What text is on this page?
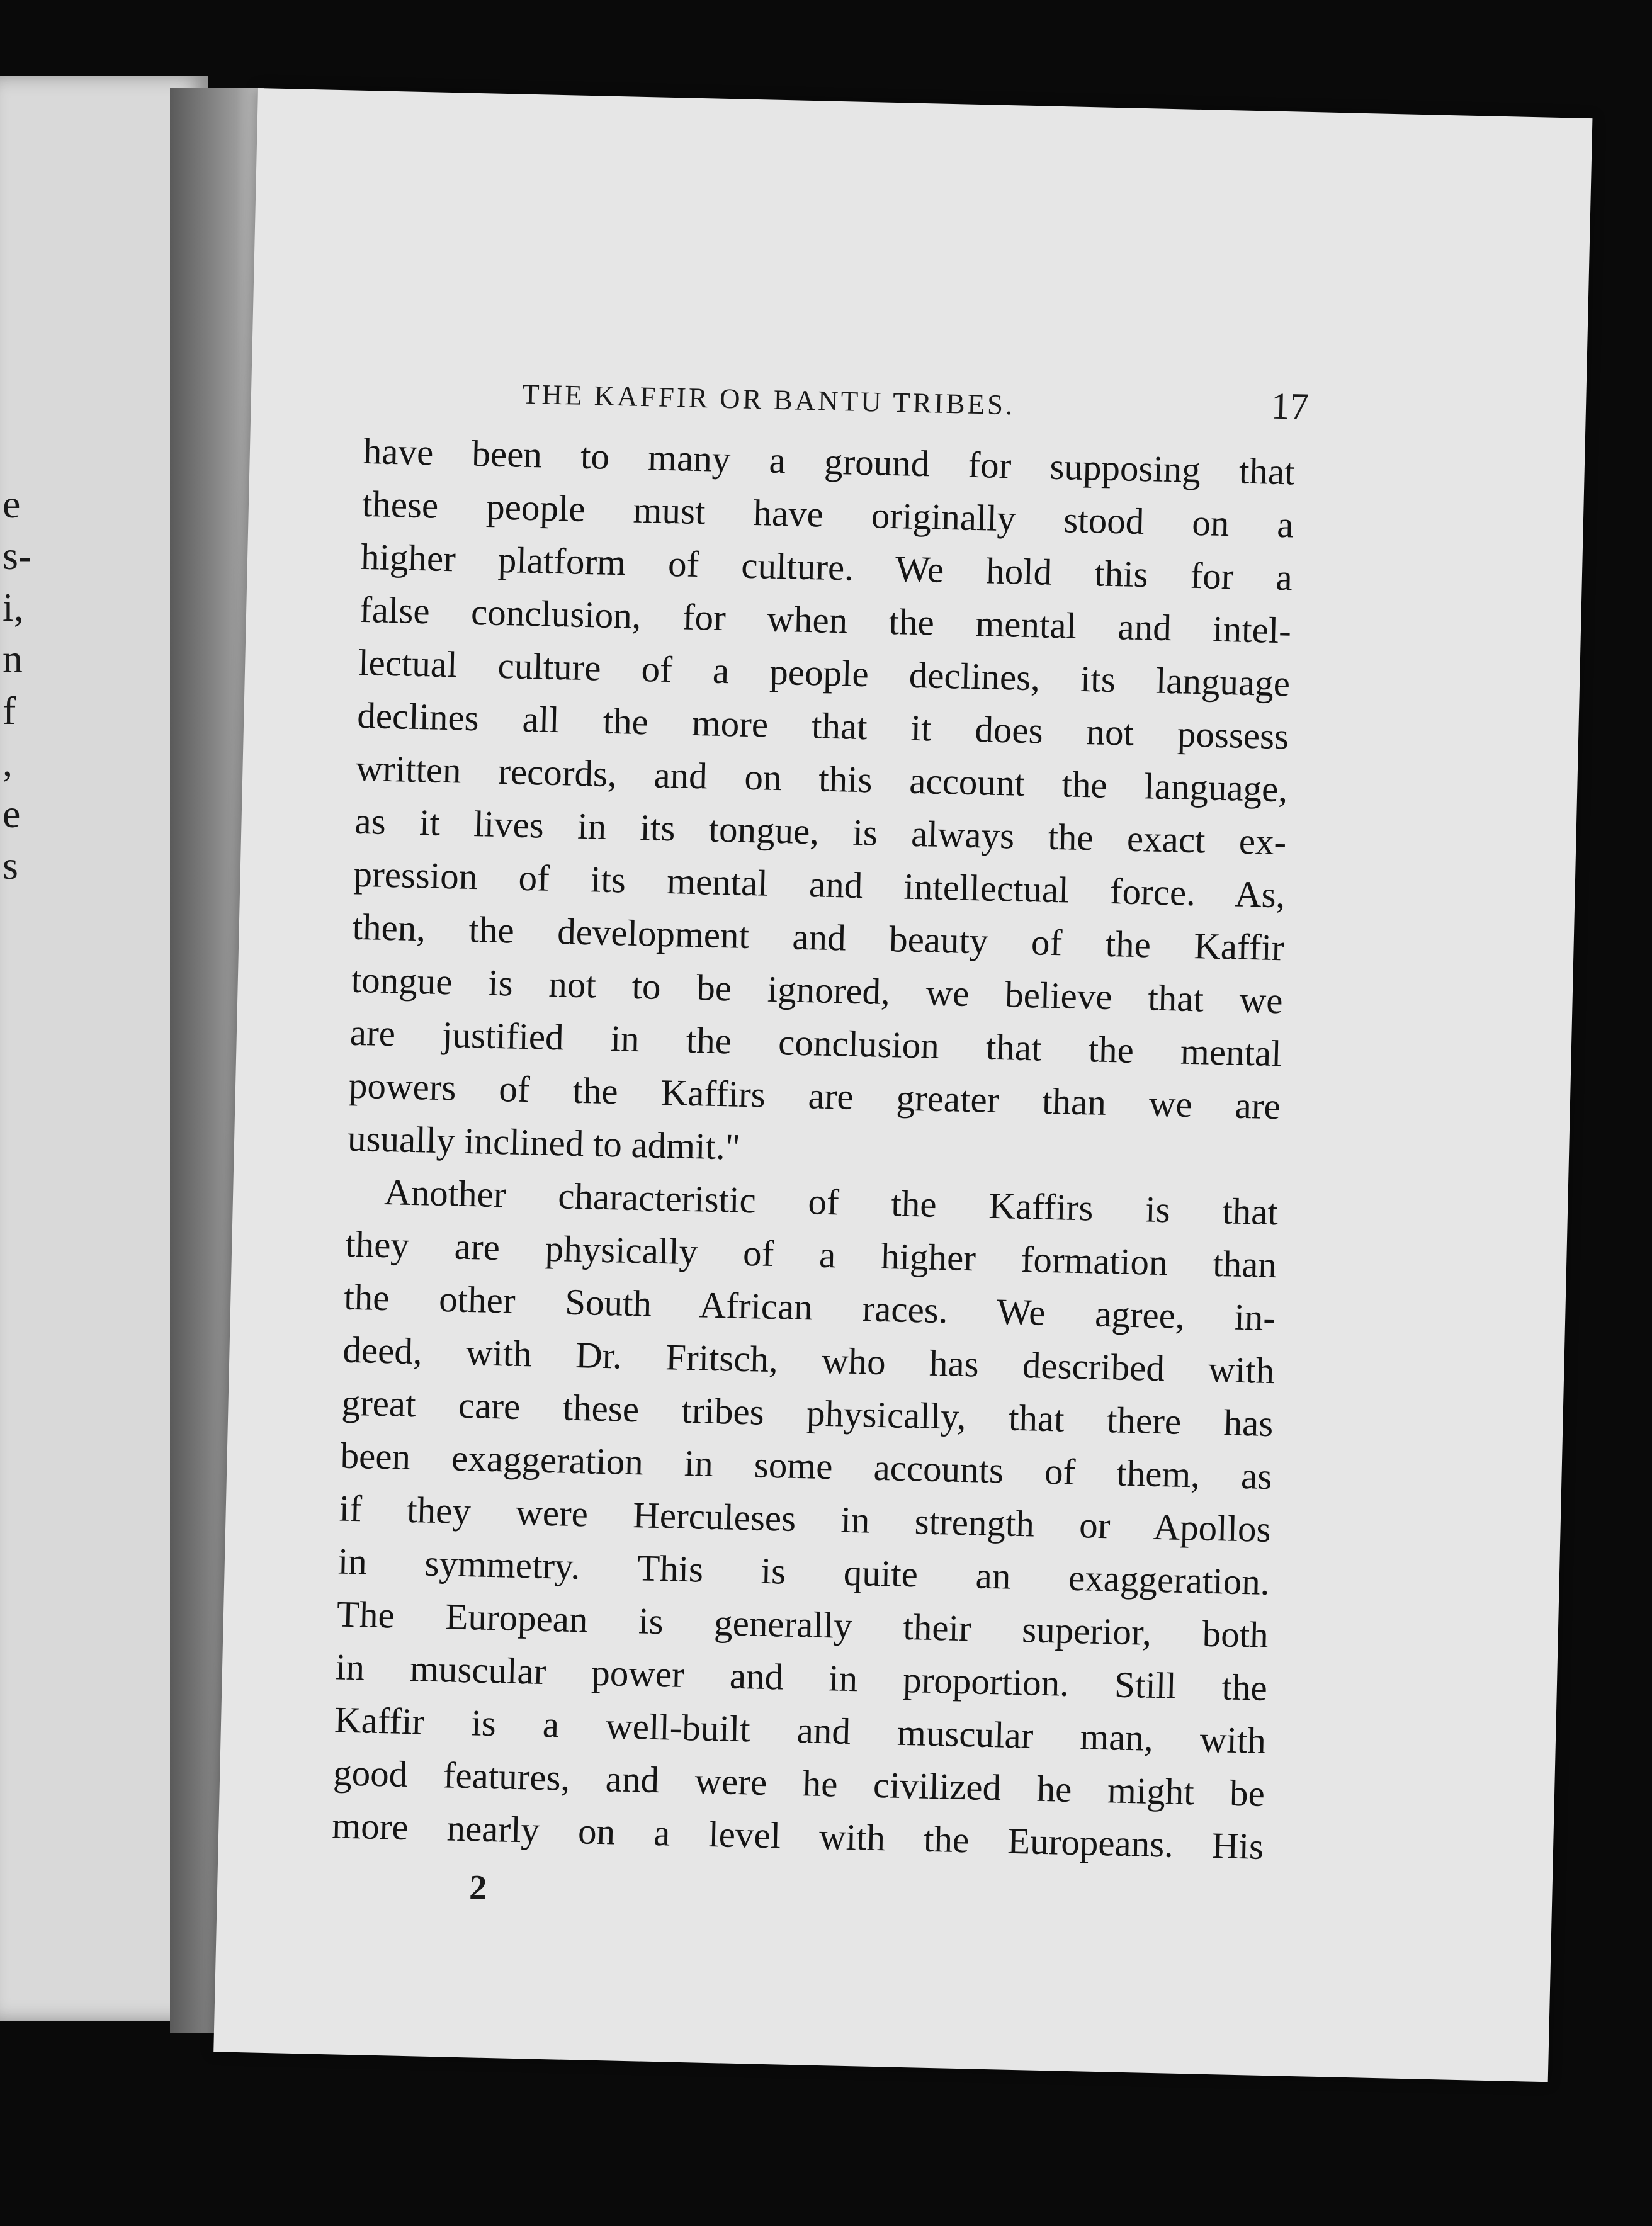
e
s-
i,
n
f
,
e
s
THE KAFFIR OR BANTU TRIBES.	17
have been to many a ground for supposing that
these people must have originally stood on a
higher platform of culture. We hold this for a
false conclusion, for when the mental and intel-
lectual culture of a people declines, its language
declines all the more that it does not possess
written records, and on this account the language,
as it lives in its tongue, is always the exact ex-
pression of its mental and intellectual force. As,
then, the development and beauty of the Kaffir
tongue is not to be ignored, we believe that we
are justified in the conclusion that the mental
powers of the Kaffirs are greater than we are
usually inclined to admit."
Another characteristic of the Kaffirs is that
they are physically of a higher formation than
the other South African races. We agree, in-
deed, with Dr. Fritsch, who has described with
great care these tribes physically, that there has
been exaggeration in some accounts of them, as
if they were Herculeses in strength or Apollos
in symmetry. This is quite an exaggeration.
The European is generally their superior, both
in muscular power and in proportion. Still the
Kaffir is a well-built and muscular man, with
good features, and were he civilized he might be
more nearly on a level with the Europeans. His
2
